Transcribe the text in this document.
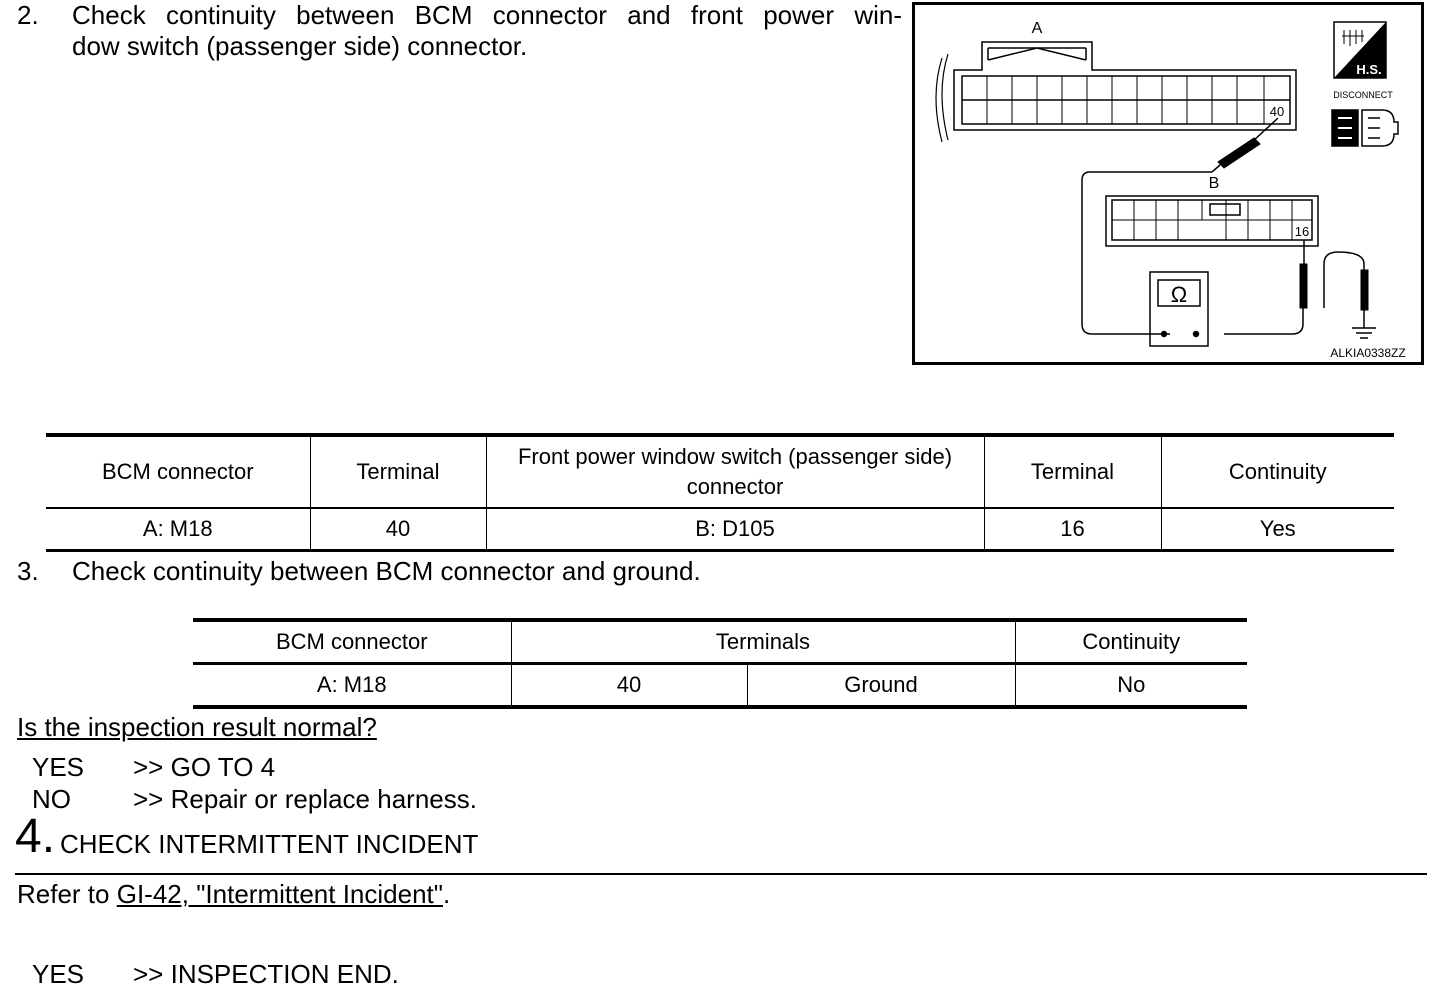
2. Check continuity between BCM connector and front power win-
dow switch (passenger side) connector.
A
40
B
16
Ω
H.S.
DISCONNECT
ALKIA0338ZZ
BCM connector	Terminal	Front power window switch (passenger side)
connector	Terminal	Continuity
A: M18	40	B: D105	16	Yes
3. Check continuity between BCM connector and ground.
BCM connector	Terminals		Continuity
A: M18	40	Ground	No
Is the inspection result normal?
YES >> GO TO 4
NO >> Repair or replace harness.
4. CHECK INTERMITTENT INCIDENT
Refer to GI-42, "Intermittent Incident".
YES >> INSPECTION END.
